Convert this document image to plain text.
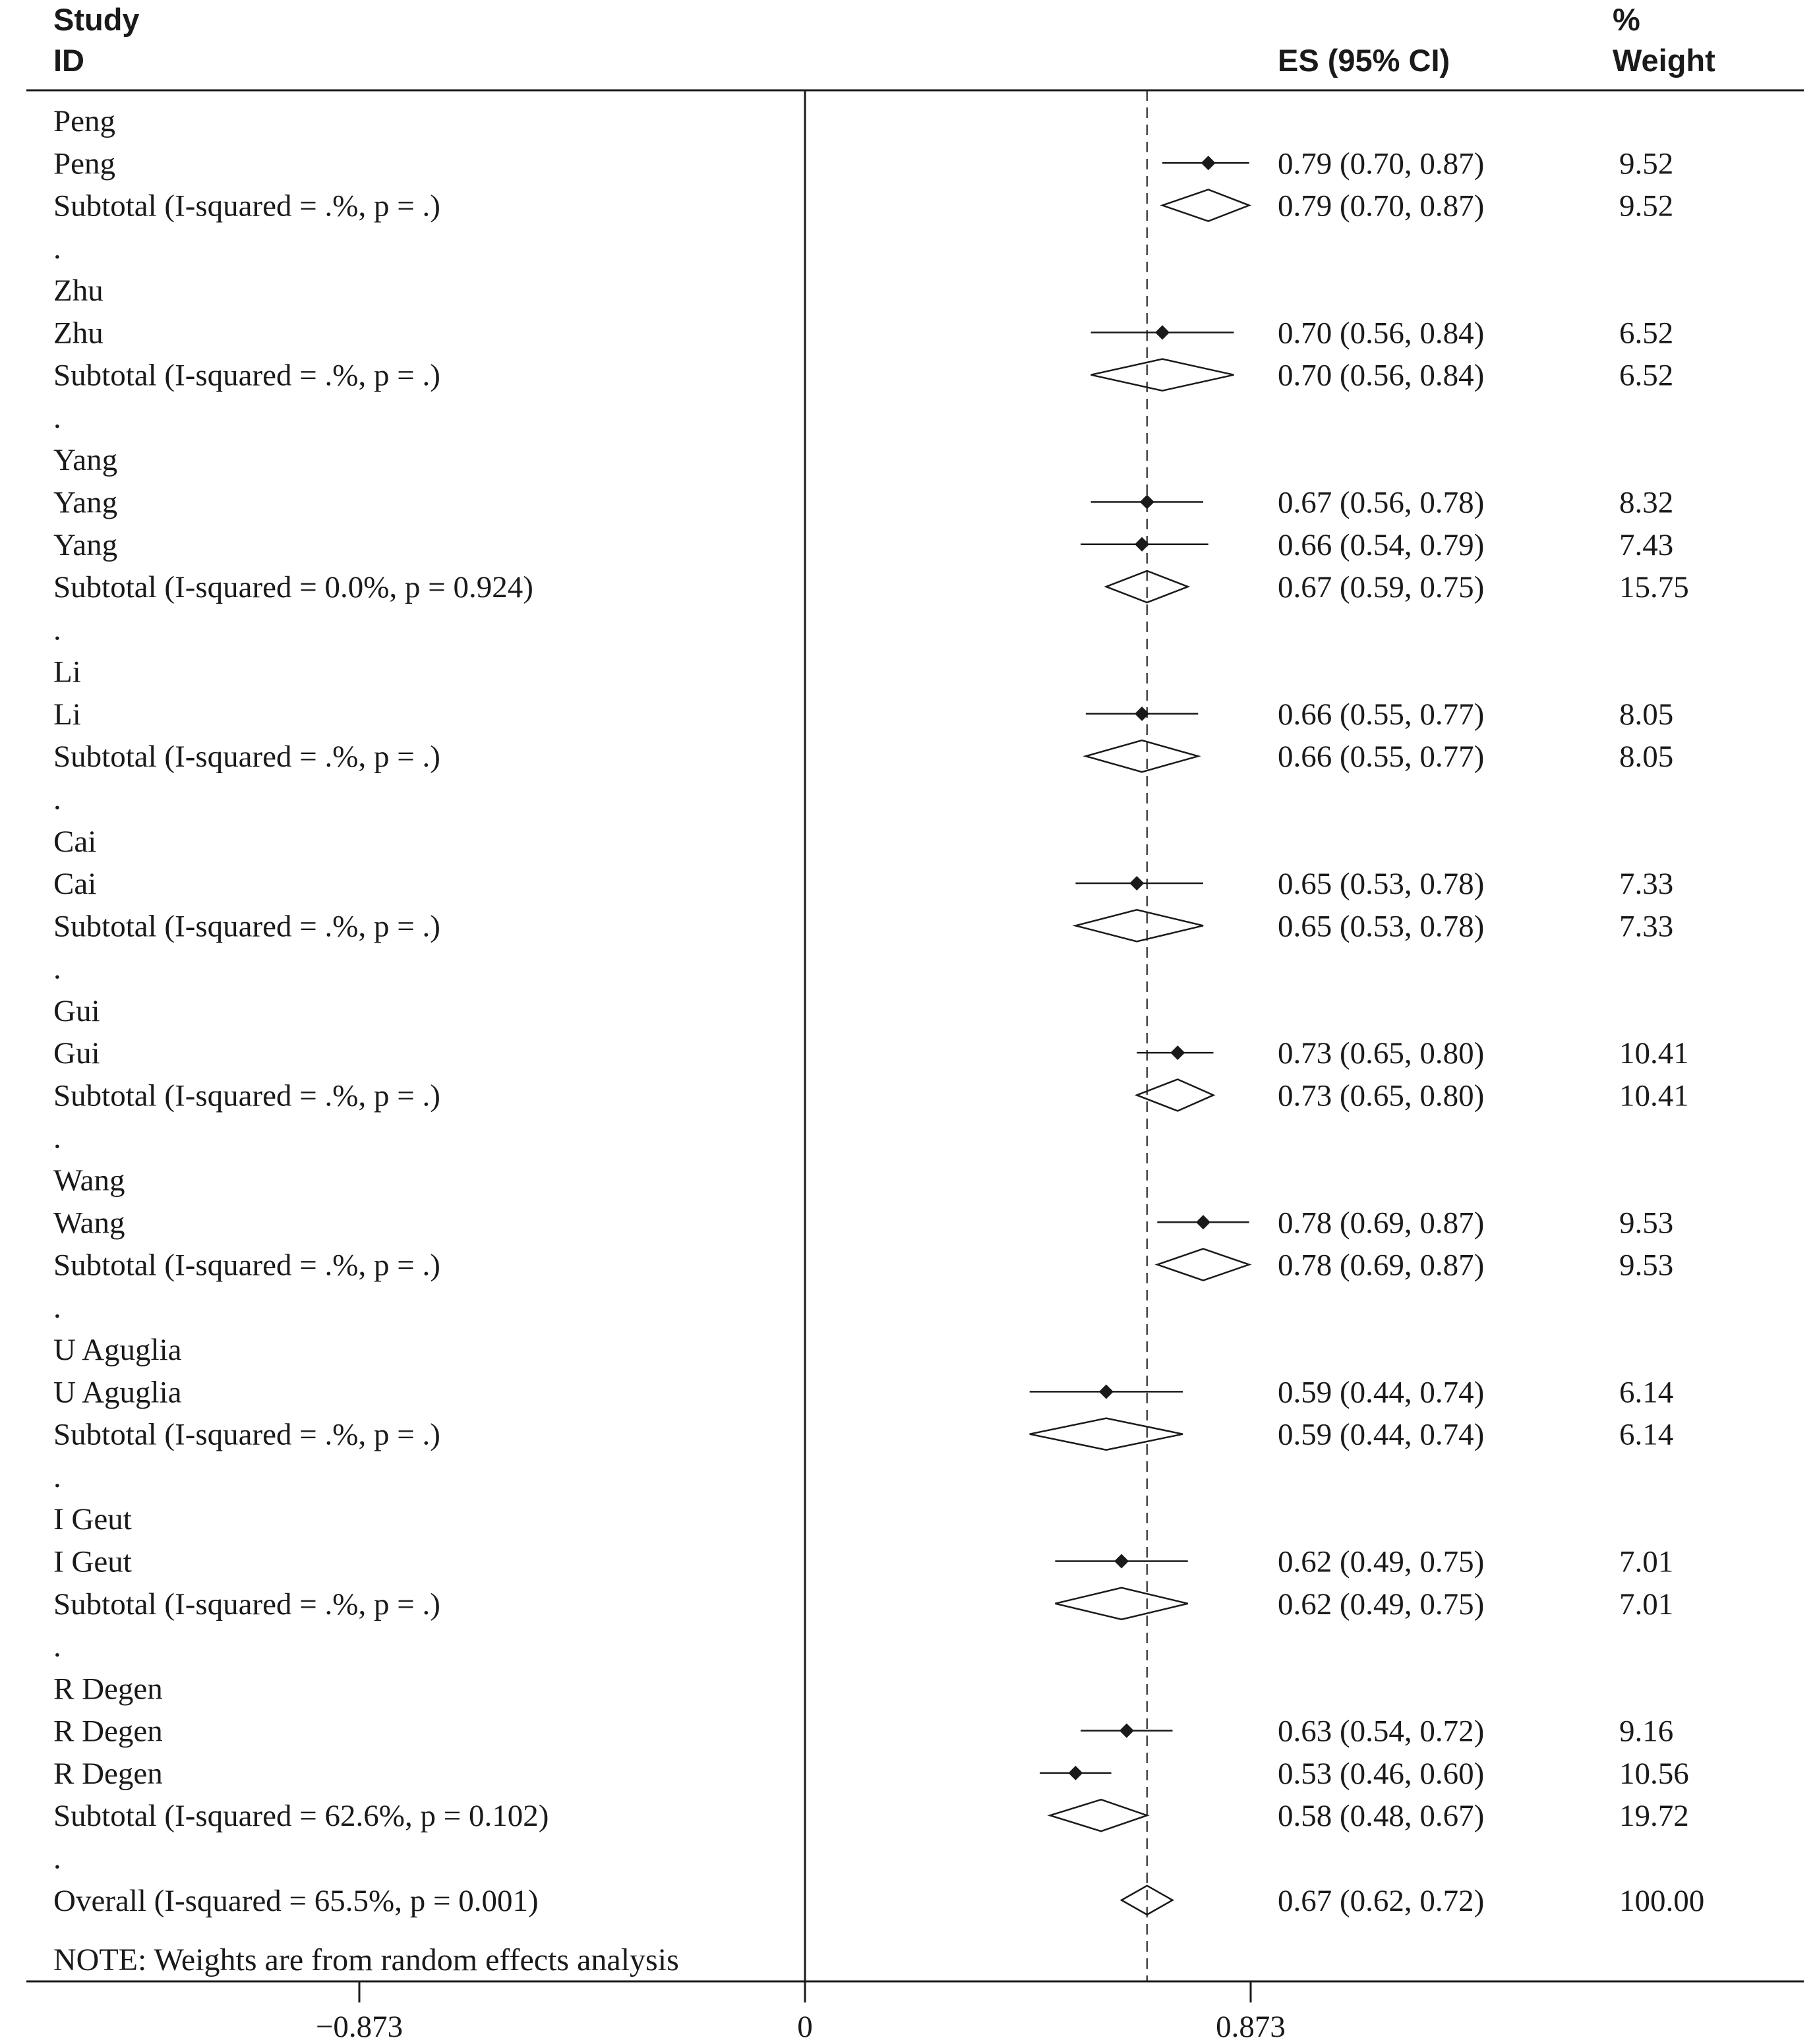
Study
ID	ES (95% CI)
%
Weight
NOTE: Weights are from random effects analysis
Peng
Peng	0.79 (0.70, 0.87)	9.52
Subtotal (I-squared = .%, p = .)	0.79 (0.70, 0.87)	9.52
.
Zhu
Zhu	0.70 (0.56, 0.84)	6.52
Subtotal (I-squared = .%, p = .)	0.70 (0.56, 0.84)	6.52
.
Yang
Yang	0.67 (0.56, 0.78)	8.32
Yang	0.66 (0.54, 0.79)	7.43
Subtotal (I-squared = 0.0%, p = 0.924)	0.67 (0.59, 0.75)	15.75
.
Li
Li	0.66 (0.55, 0.77)	8.05
Subtotal (I-squared = .%, p = .)	0.66 (0.55, 0.77)	8.05
.
Cai
Cai	0.65 (0.53, 0.78)	7.33
Subtotal (I-squared = .%, p = .)	0.65 (0.53, 0.78)	7.33
.
Gui
Gui	0.73 (0.65, 0.80)	10.41
Subtotal (I-squared = .%, p = .)	0.73 (0.65, 0.80)	10.41
.
Wang
Wang	0.78 (0.69, 0.87)	9.53
Subtotal (I-squared = .%, p = .)	0.78 (0.69, 0.87)	9.53
.
U Aguglia
U Aguglia	0.59 (0.44, 0.74)	6.14
Subtotal (I-squared = .%, p = .)	0.59 (0.44, 0.74)	6.14
.
I Geut
I Geut	0.62 (0.49, 0.75)	7.01
Subtotal (I-squared = .%, p = .)	0.62 (0.49, 0.75)	7.01
.
R Degen
R Degen	0.63 (0.54, 0.72)	9.16
R Degen	0.53 (0.46, 0.60)	10.56
Subtotal (I-squared = 62.6%, p = 0.102)	0.58 (0.48, 0.67)	19.72
.
Overall (I-squared = 65.5%, p = 0.001)	0.67 (0.62, 0.72)	100.00
−0.873	0	0.873
